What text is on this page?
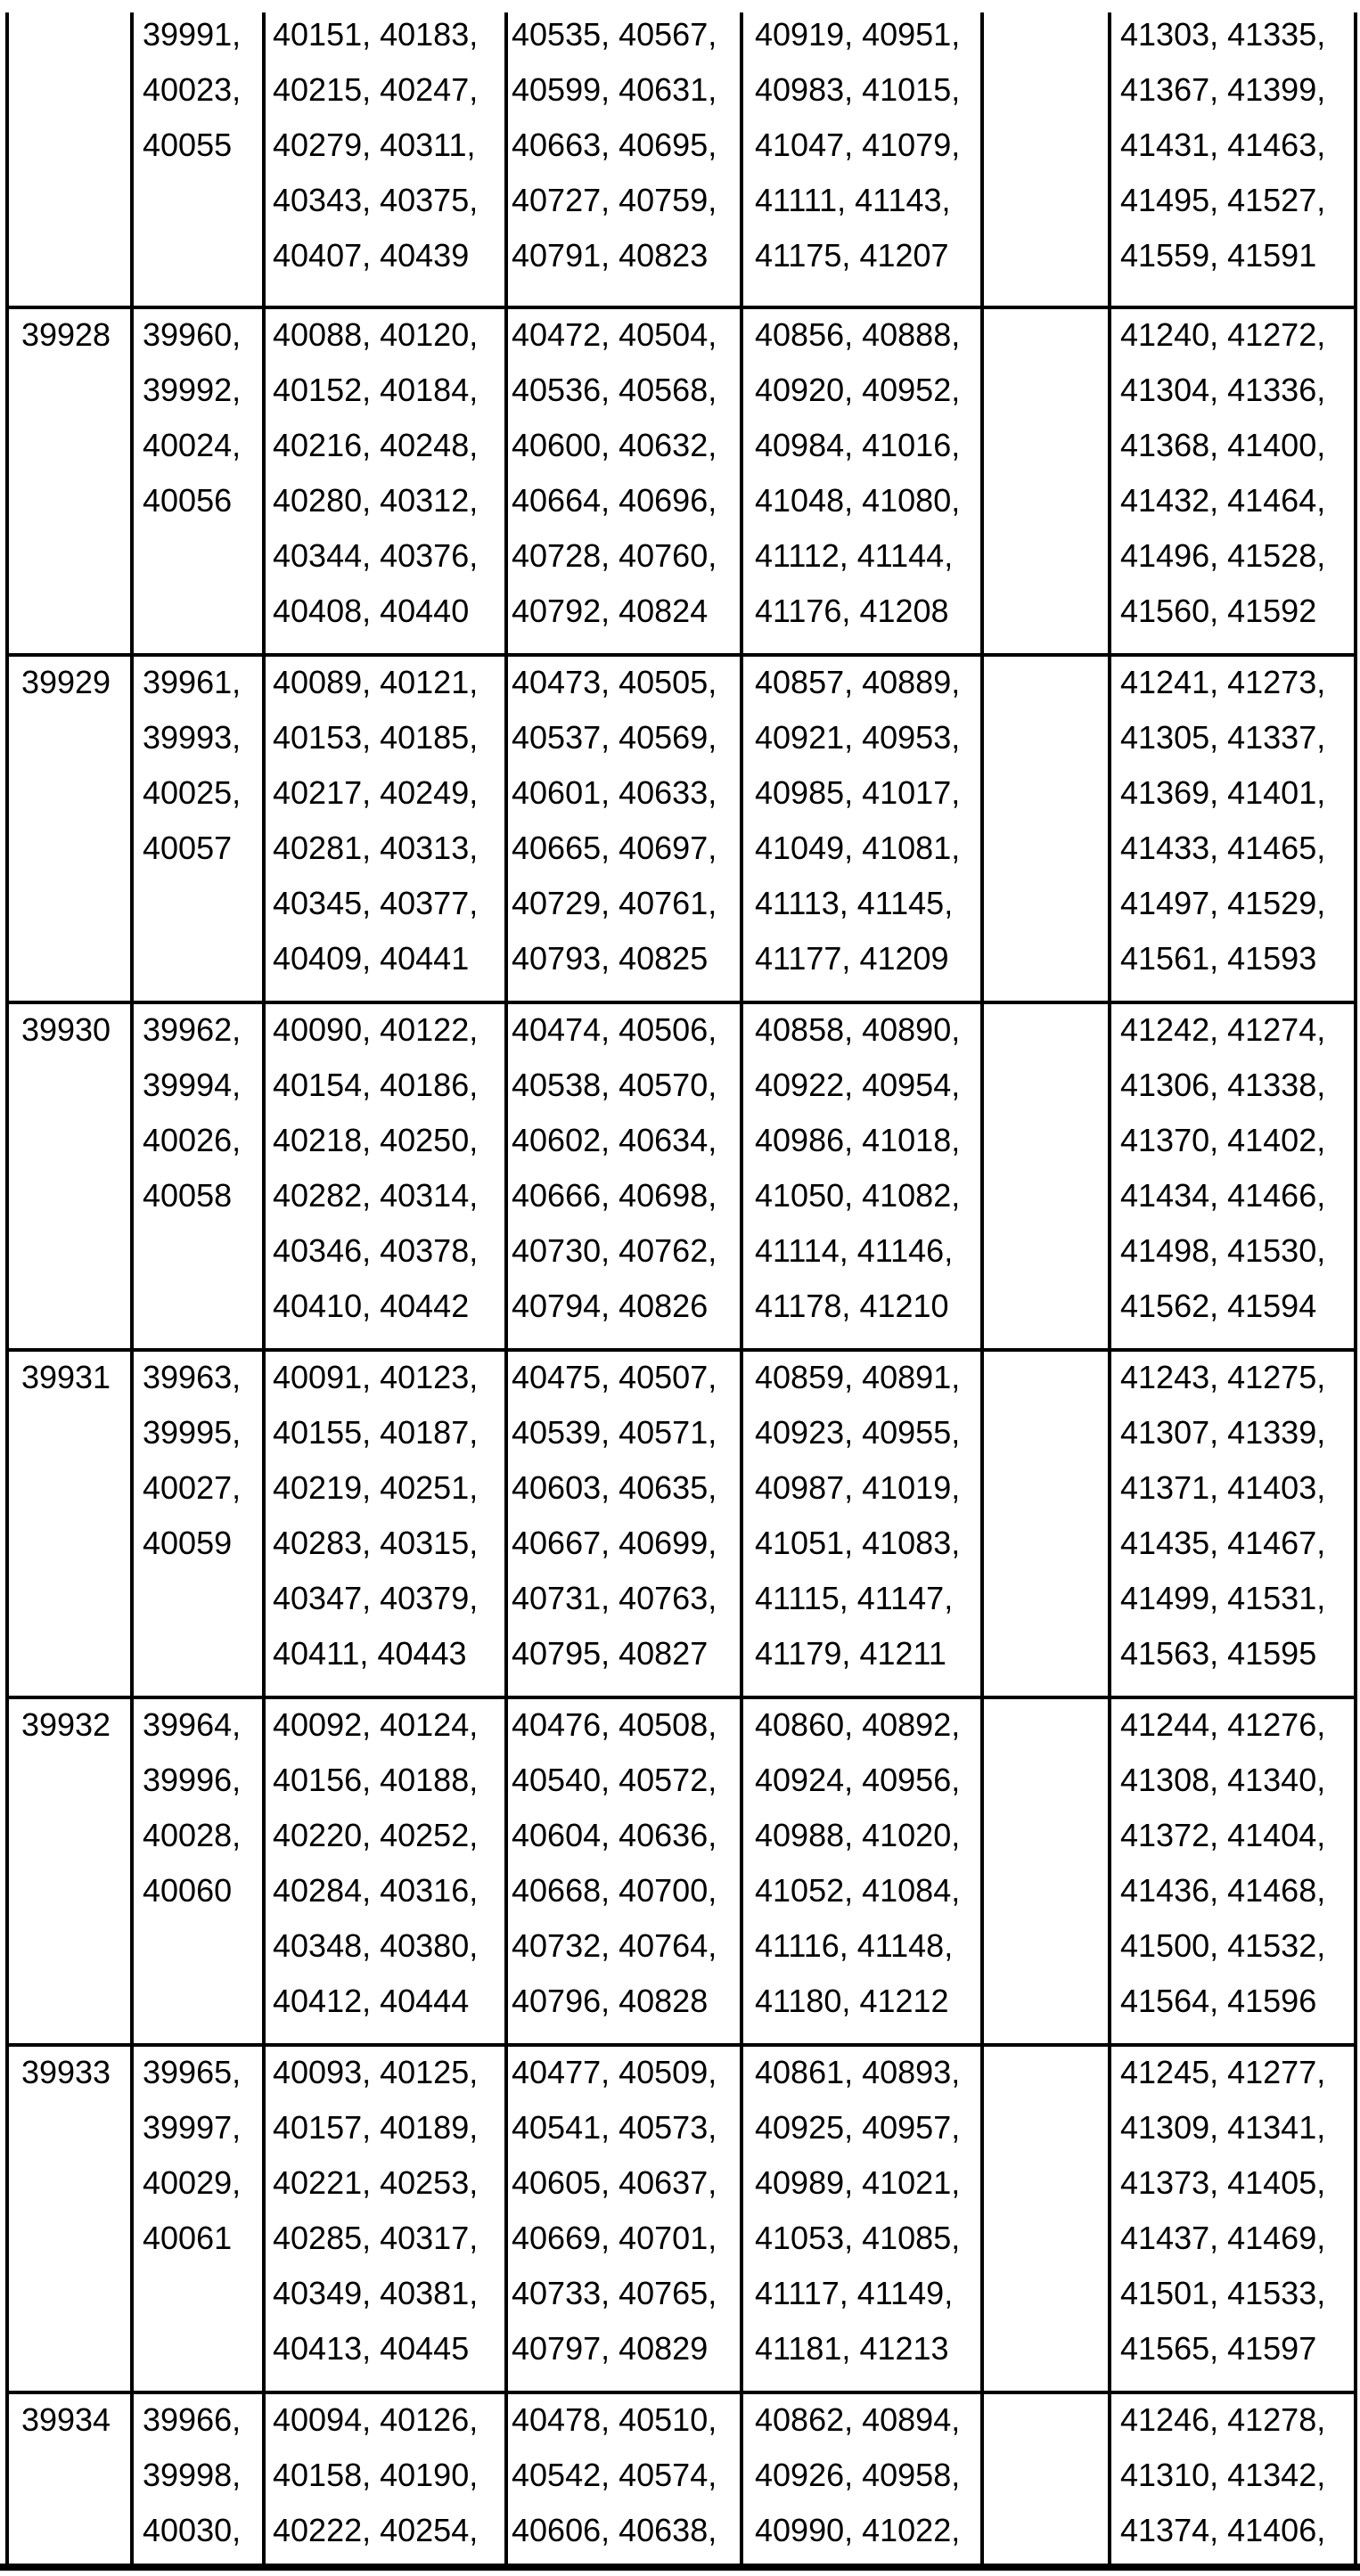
39991,
40023,
40055
40151, 40183,
40215, 40247,
40279, 40311,
40343, 40375,
40407, 40439
40535, 40567,
40599, 40631,
40663, 40695,
40727, 40759,
40791, 40823
40919, 40951,
40983, 41015,
41047, 41079,
41111, 41143,
41175, 41207
41303, 41335,
41367, 41399,
41431, 41463,
41495, 41527,
41559, 41591
39928 39960,
39992,
40024,
40056
40088, 40120,
40152, 40184,
40216, 40248,
40280, 40312,
40344, 40376,
40408, 40440
40472, 40504,
40536, 40568,
40600, 40632,
40664, 40696,
40728, 40760,
40792, 40824
40856, 40888,
40920, 40952,
40984, 41016,
41048, 41080,
41112, 41144,
41176, 41208
41240, 41272,
41304, 41336,
41368, 41400,
41432, 41464,
41496, 41528,
41560, 41592
39929 39961,
39993,
40025,
40057
40089, 40121,
40153, 40185,
40217, 40249,
40281, 40313,
40345, 40377,
40409, 40441
40473, 40505,
40537, 40569,
40601, 40633,
40665, 40697,
40729, 40761,
40793, 40825
40857, 40889,
40921, 40953,
40985, 41017,
41049, 41081,
41113, 41145,
41177, 41209
41241, 41273,
41305, 41337,
41369, 41401,
41433, 41465,
41497, 41529,
41561, 41593
39930 39962,
39994,
40026,
40058
40090, 40122,
40154, 40186,
40218, 40250,
40282, 40314,
40346, 40378,
40410, 40442
40474, 40506,
40538, 40570,
40602, 40634,
40666, 40698,
40730, 40762,
40794, 40826
40858, 40890,
40922, 40954,
40986, 41018,
41050, 41082,
41114, 41146,
41178, 41210
41242, 41274,
41306, 41338,
41370, 41402,
41434, 41466,
41498, 41530,
41562, 41594
39931 39963,
39995,
40027,
40059
40091, 40123,
40155, 40187,
40219, 40251,
40283, 40315,
40347, 40379,
40411, 40443
40475, 40507,
40539, 40571,
40603, 40635,
40667, 40699,
40731, 40763,
40795, 40827
40859, 40891,
40923, 40955,
40987, 41019,
41051, 41083,
41115, 41147,
41179, 41211
41243, 41275,
41307, 41339,
41371, 41403,
41435, 41467,
41499, 41531,
41563, 41595
39932 39964,
39996,
40028,
40060
40092, 40124,
40156, 40188,
40220, 40252,
40284, 40316,
40348, 40380,
40412, 40444
40476, 40508,
40540, 40572,
40604, 40636,
40668, 40700,
40732, 40764,
40796, 40828
40860, 40892,
40924, 40956,
40988, 41020,
41052, 41084,
41116, 41148,
41180, 41212
41244, 41276,
41308, 41340,
41372, 41404,
41436, 41468,
41500, 41532,
41564, 41596
39933 39965,
39997,
40029,
40061
40093, 40125,
40157, 40189,
40221, 40253,
40285, 40317,
40349, 40381,
40413, 40445
40477, 40509,
40541, 40573,
40605, 40637,
40669, 40701,
40733, 40765,
40797, 40829
40861, 40893,
40925, 40957,
40989, 41021,
41053, 41085,
41117, 41149,
41181, 41213
41245, 41277,
41309, 41341,
41373, 41405,
41437, 41469,
41501, 41533,
41565, 41597
39934 39966,
39998,
40030,
40094, 40126,
40158, 40190,
40222, 40254,
40478, 40510,
40542, 40574,
40606, 40638,
40862, 40894,
40926, 40958,
40990, 41022,
41246, 41278,
41310, 41342,
41374, 41406,
